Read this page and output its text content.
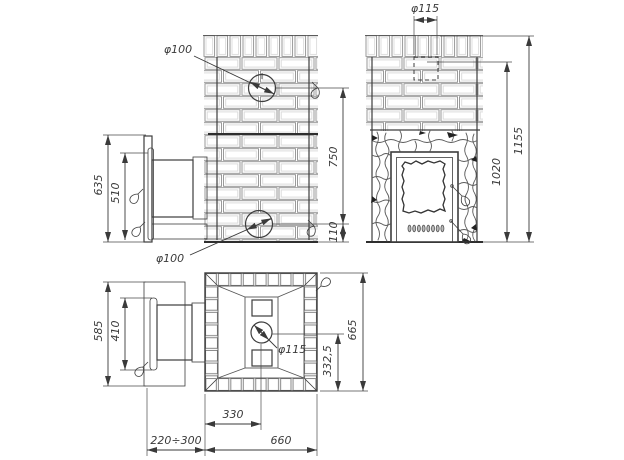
φ100
φ100
635 510
750
110
φ115
1020
1155
φ115
585 410	665
332,5
330
220÷300	660
